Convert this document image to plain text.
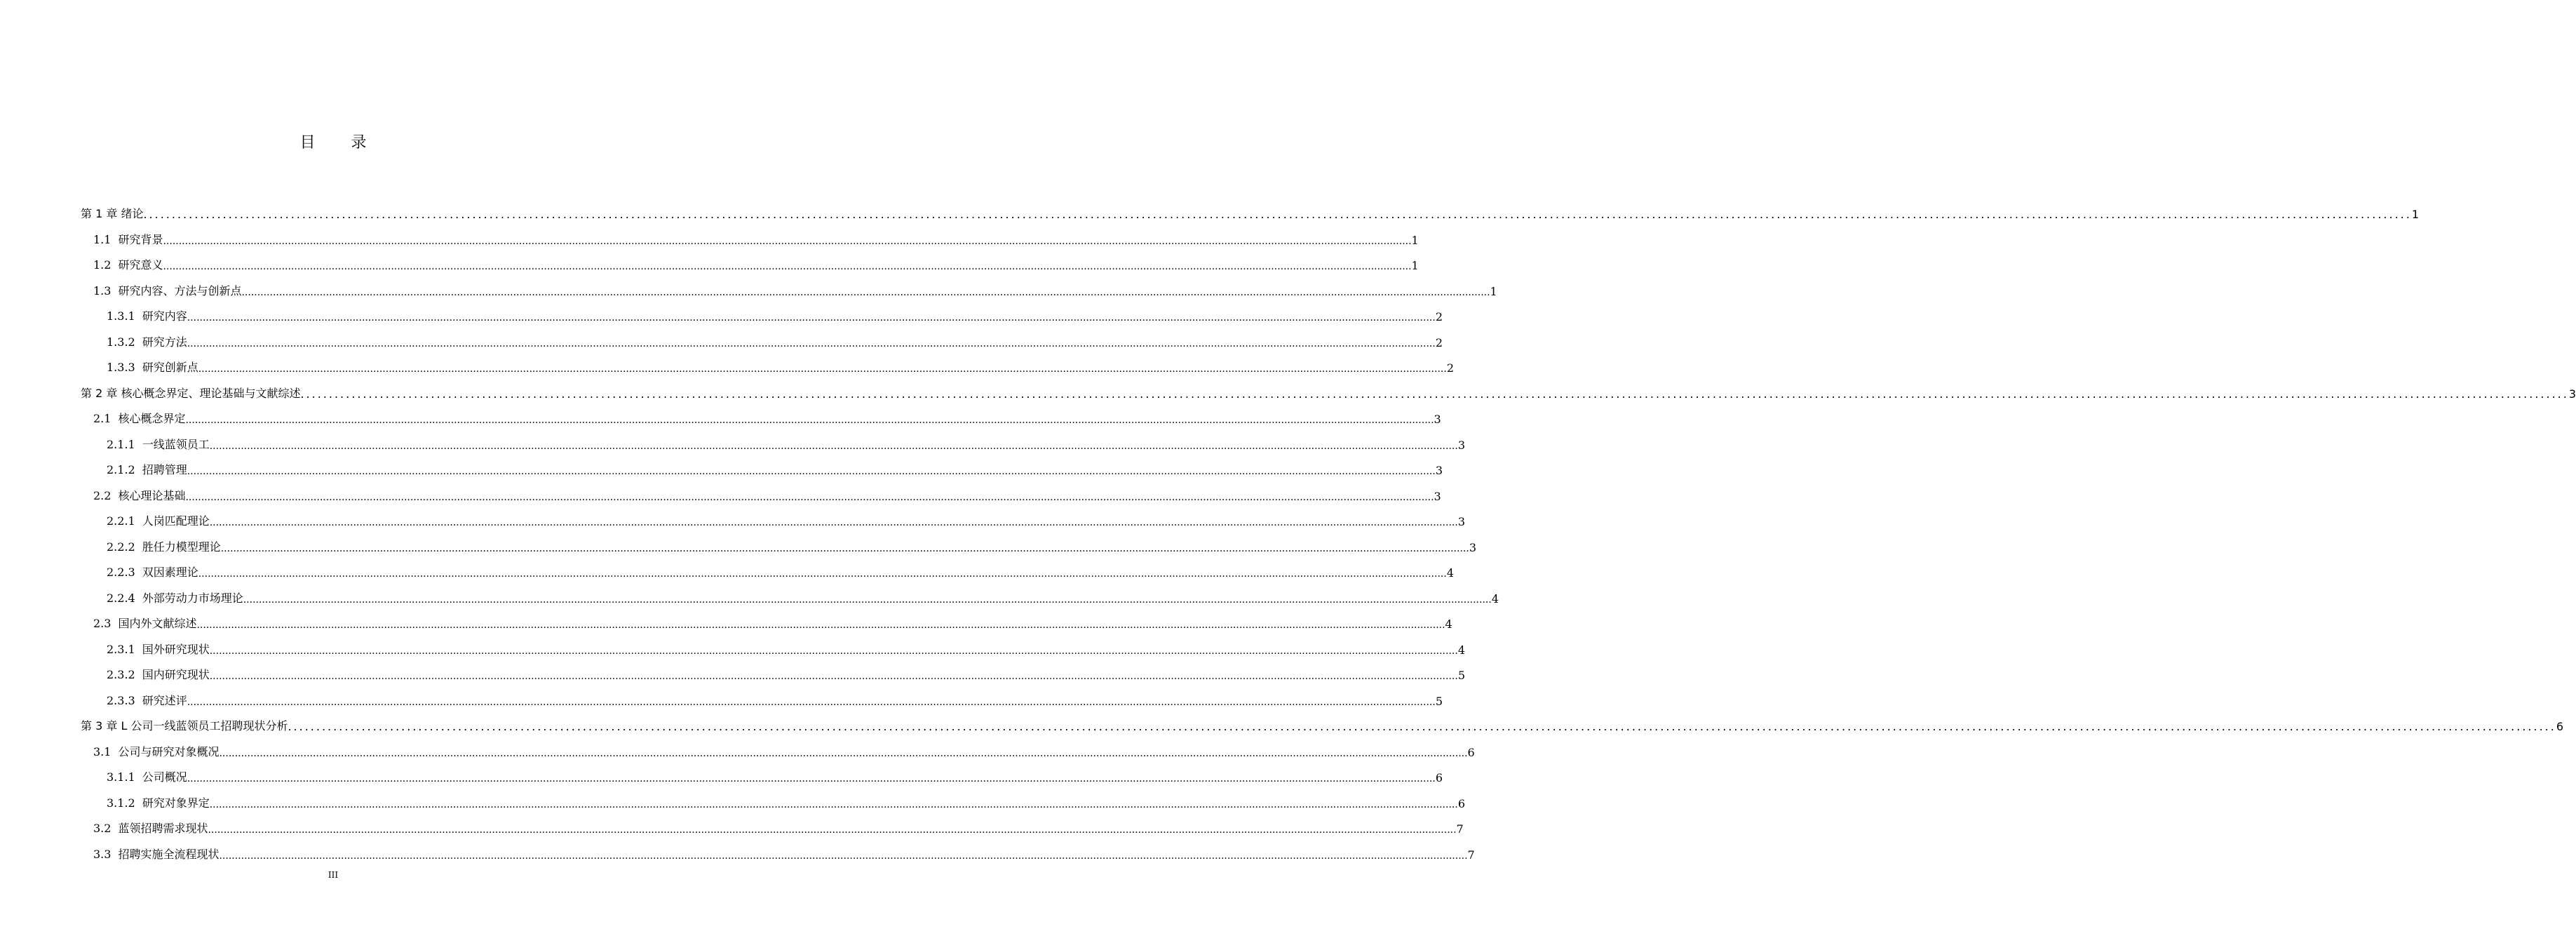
目 录
第 1 章 绪论 ................................................................................................................................................................................................................................................................................................................................................................................................................ 1
1.1 研究背景 ................................................................................................................................................................................................................................................................................................................................................................................................................ 1
1.2 研究意义 ................................................................................................................................................................................................................................................................................................................................................................................................................ 1
1.3 研究内容、方法与创新点 ................................................................................................................................................................................................................................................................................................................................................................................................................ 1
1.3.1 研究内容 ................................................................................................................................................................................................................................................................................................................................................................................................................ 2
1.3.2 研究方法 ................................................................................................................................................................................................................................................................................................................................................................................................................ 2
1.3.3 研究创新点 ................................................................................................................................................................................................................................................................................................................................................................................................................ 2
第 2 章 核心概念界定、理论基础与文献综述 ................................................................................................................................................................................................................................................................................................................................................................................................................ 3
2.1 核心概念界定 ................................................................................................................................................................................................................................................................................................................................................................................................................ 3
2.1.1 一线蓝领员工 ................................................................................................................................................................................................................................................................................................................................................................................................................ 3
2.1.2 招聘管理 ................................................................................................................................................................................................................................................................................................................................................................................................................ 3
2.2 核心理论基础 ................................................................................................................................................................................................................................................................................................................................................................................................................ 3
2.2.1 人岗匹配理论 ................................................................................................................................................................................................................................................................................................................................................................................................................ 3
2.2.2 胜任力模型理论 ................................................................................................................................................................................................................................................................................................................................................................................................................ 3
2.2.3 双因素理论 ................................................................................................................................................................................................................................................................................................................................................................................................................ 4
2.2.4 外部劳动力市场理论 ................................................................................................................................................................................................................................................................................................................................................................................................................ 4
2.3 国内外文献综述 ................................................................................................................................................................................................................................................................................................................................................................................................................ 4
2.3.1 国外研究现状 ................................................................................................................................................................................................................................................................................................................................................................................................................ 4
2.3.2 国内研究现状 ................................................................................................................................................................................................................................................................................................................................................................................................................ 5
2.3.3 研究述评 ................................................................................................................................................................................................................................................................................................................................................................................................................ 5
第 3 章 L 公司一线蓝领员工招聘现状分析 ................................................................................................................................................................................................................................................................................................................................................................................................................ 6
3.1 公司与研究对象概况 ................................................................................................................................................................................................................................................................................................................................................................................................................ 6
3.1.1 公司概况 ................................................................................................................................................................................................................................................................................................................................................................................................................ 6
3.1.2 研究对象界定 ................................................................................................................................................................................................................................................................................................................................................................................................................ 6
3.2 蓝领招聘需求现状 ................................................................................................................................................................................................................................................................................................................................................................................................................ 7
3.3 招聘实施全流程现状 ................................................................................................................................................................................................................................................................................................................................................................................................................ 7
III
